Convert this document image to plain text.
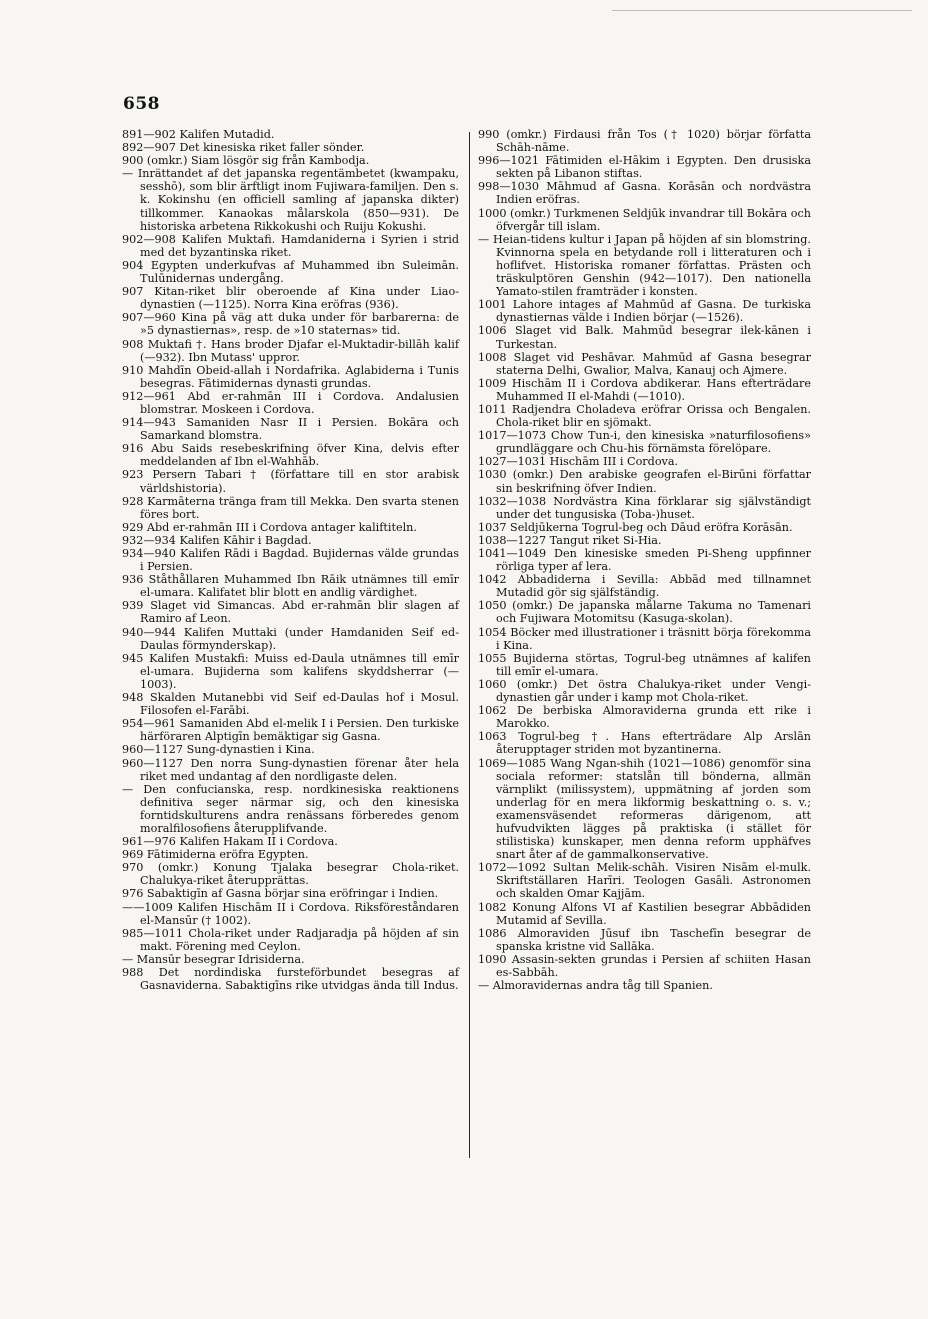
658

891—902 Kalifen Mutadid.

892—907 Det kinesiska riket faller sönder.

900 (omkr.) Siam lösgör sig från Kambodja.

— Inrättandet af det japanska regentämbetet (kwampaku, sesshō), som blir ärftligt inom Fujiwara-familjen. Den s. k. Kokinshu (en officiell samling af japanska dikter) tillkommer. Kanaokas målarskola (850—931). De historiska arbetena Rikkokushi och Ruiju Kokushi.

902—908 Kalifen Muktafi. Hamdaniderna i Syrien i strid med det byzantinska riket.

904 Egypten underkufvas af Muhammed ibn Suleimān. Tulūnidernas undergång.

907 Kitan-riket blir oberoende af Kina under Liao-dynastien (—1125). Norra Kina eröfras (936).

907—960 Kina på väg att duka under för barbarerna: de »5 dynastiernas», resp. de »10 staternas» tid.

908 Muktafi †. Hans broder Djafar el-Muktadir-billāh kalif (—932). Ibn Mutass' uppror.

910 Mahdīn Obeid-allah i Nordafrika. Aglabiderna i Tunis besegras. Fātimidernas dynasti grundas.

912—961 Abd er-rahmān III i Cordova. Andalusien blomstrar. Moskeen i Cordova.

914—943 Samaniden Nasr II i Persien. Bokāra och Samarkand blomstra.

916 Abu Saids resebeskrifning öfver Kina, delvis efter meddelanden af Ibn el-Wahhāb.

923 Persern Tabari † (författare till en stor arabisk världshistoria).

928 Karmāterna tränga fram till Mekka. Den svarta stenen föres bort.

929 Abd er-rahmān III i Cordova antager kaliftiteln.

932—934 Kalifen Kāhir i Bagdad.

934—940 Kalifen Rādi i Bagdad. Bujidernas välde grundas i Persien.

936 Ståthållaren Muhammed Ibn Rāik utnämnes till emīr el-umara. Kalifatet blir blott en andlig värdighet.

939 Slaget vid Simancas. Abd er-rahmān blir slagen af Ramiro af Leon.

940—944 Kalifen Muttaki (under Hamdaniden Seif ed-Daulas förmynderskap).

945 Kalifen Mustakfi: Muiss ed-Daula utnämnes till emīr el-umara. Bujiderna som kalifens skyddsherrar (—1003).

948 Skalden Mutanebbi vid Seif ed-Daulas hof i Mosul. Filosofen el-Farābi.

954—961 Samaniden Abd el-melik I i Persien. Den turkiske härföraren Alptigīn bemäktigar sig Gasna.

960—1127 Sung-dynastien i Kina.

960—1127 Den norra Sung-dynastien förenar åter hela riket med undantag af den nordligaste delen.

— Den confucianska, resp. nordkinesiska reaktionens definitiva seger närmar sig, och den kinesiska forntidskulturens andra renässans förberedes genom moralfilosofiens återupplifvande.

961—976 Kalifen Hakam II i Cordova.

969 Fātimiderna eröfra Egypten.

970 (omkr.) Konung Tjalaka besegrar Chola-riket. Chalukya-riket återupprättas.

976 Sabaktigīn af Gasna börjar sina eröfringar i Indien.

——1009 Kalifen Hischām II i Cordova. Riksföreståndaren el-Mansūr († 1002).

985—1011 Chola-riket under Radjaradja på höjden af sin makt. Förening med Ceylon.

— Mansūr besegrar Idrisiderna.

988 Det nordindiska fursteförbundet besegras af Gasnaviderna. Sabaktigīns rike utvidgas ända till Indus.

990 (omkr.) Firdausi från Tos († 1020) börjar författa Schāh-nāme.

996—1021 Fātimiden el-Hākim i Egypten. Den drusiska sekten på Libanon stiftas.

998—1030 Māhmud af Gasna. Korāsān och nordvästra Indien eröfras.

1000 (omkr.) Turkmenen Seldjūk invandrar till Bokāra och öfvergår till islam.

— Heian-tidens kultur i Japan på höjden af sin blomstring. Kvinnorna spela en betydande roll i litteraturen och i hoflifvet. Historiska romaner författas. Prästen och träskulptören Genshin (942—1017). Den nationella Yamato-stilen framträder i konsten.

1001 Lahore intages af Mahmūd af Gasna. De turkiska dynastiernas välde i Indien börjar (—1526).

1006 Slaget vid Balk. Mahmūd besegrar ilek-kānen i Turkestan.

1008 Slaget vid Peshāvar. Mahmūd af Gasna besegrar staterna Delhi, Gwalior, Malva, Kanauj och Ajmere.

1009 Hischām II i Cordova abdikerar. Hans efterträdare Muhammed II el-Mahdi (—1010).

1011 Radjendra Choladeva eröfrar Orissa och Bengalen. Chola-riket blir en sjömakt.

1017—1073 Chow Tun-i, den kinesiska »naturfilosofiens» grundläggare och Chu-his förnämsta förelöpare.

1027—1031 Hischām III i Cordova.

1030 (omkr.) Den arabiske geografen el-Birūni författar sin beskrifning öfver Indien.

1032—1038 Nordvästra Kina förklarar sig självständigt under det tungusiska (Toba-)huset.

1037 Seldjūkerna Togrul-beg och Dāud eröfra Korāsān.

1038—1227 Tangut riket Si-Hia.

1041—1049 Den kinesiske smeden Pi-Sheng uppfinner rörliga typer af lera.

1042 Abbadiderna i Sevilla: Abbād med tillnamnet Mutadid gör sig själfständig.

1050 (omkr.) De japanska målarne Takuma no Tamenari och Fujiwara Motomitsu (Kasuga-skolan).

1054 Böcker med illustrationer i träsnitt börja förekomma i Kina.

1055 Bujiderna störtas, Togrul-beg utnämnes af kalifen till emīr el-umara.

1060 (omkr.) Det östra Chalukya-riket under Vengi-dynastien går under i kamp mot Chola-riket.

1062 De berbiska Almoraviderna grunda ett rike i Marokko.

1063 Togrul-beg †. Hans efterträdare Alp Arslān återupptager striden mot byzantinerna.

1069—1085 Wang Ngan-shih (1021—1086) genomför sina sociala reformer: statslån till bönderna, allmän värnplikt (milissystem), uppmätning af jorden som underlag för en mera likformig beskattning o. s. v.; examensväsendet reformeras därigenom, att hufvudvikten lägges på praktiska (i stället för stilistiska) kunskaper, men denna reform upphäfves snart åter af de gammalkonservative.

1072—1092 Sultan Melik-schāh. Visiren Nisām el-mulk. Skriftställaren Harīri. Teologen Gasāli. Astronomen och skalden Omar Kajjām.

1082 Konung Alfons VI af Kastilien besegrar Abbādiden Mutamid af Sevilla.

1086 Almoraviden Jūsuf ibn Taschefīn besegrar de spanska kristne vid Sallāka.

1090 Assasin-sekten grundas i Persien af schiiten Hasan es-Sabbāh.

— Almoravidernas andra tåg till Spanien.
